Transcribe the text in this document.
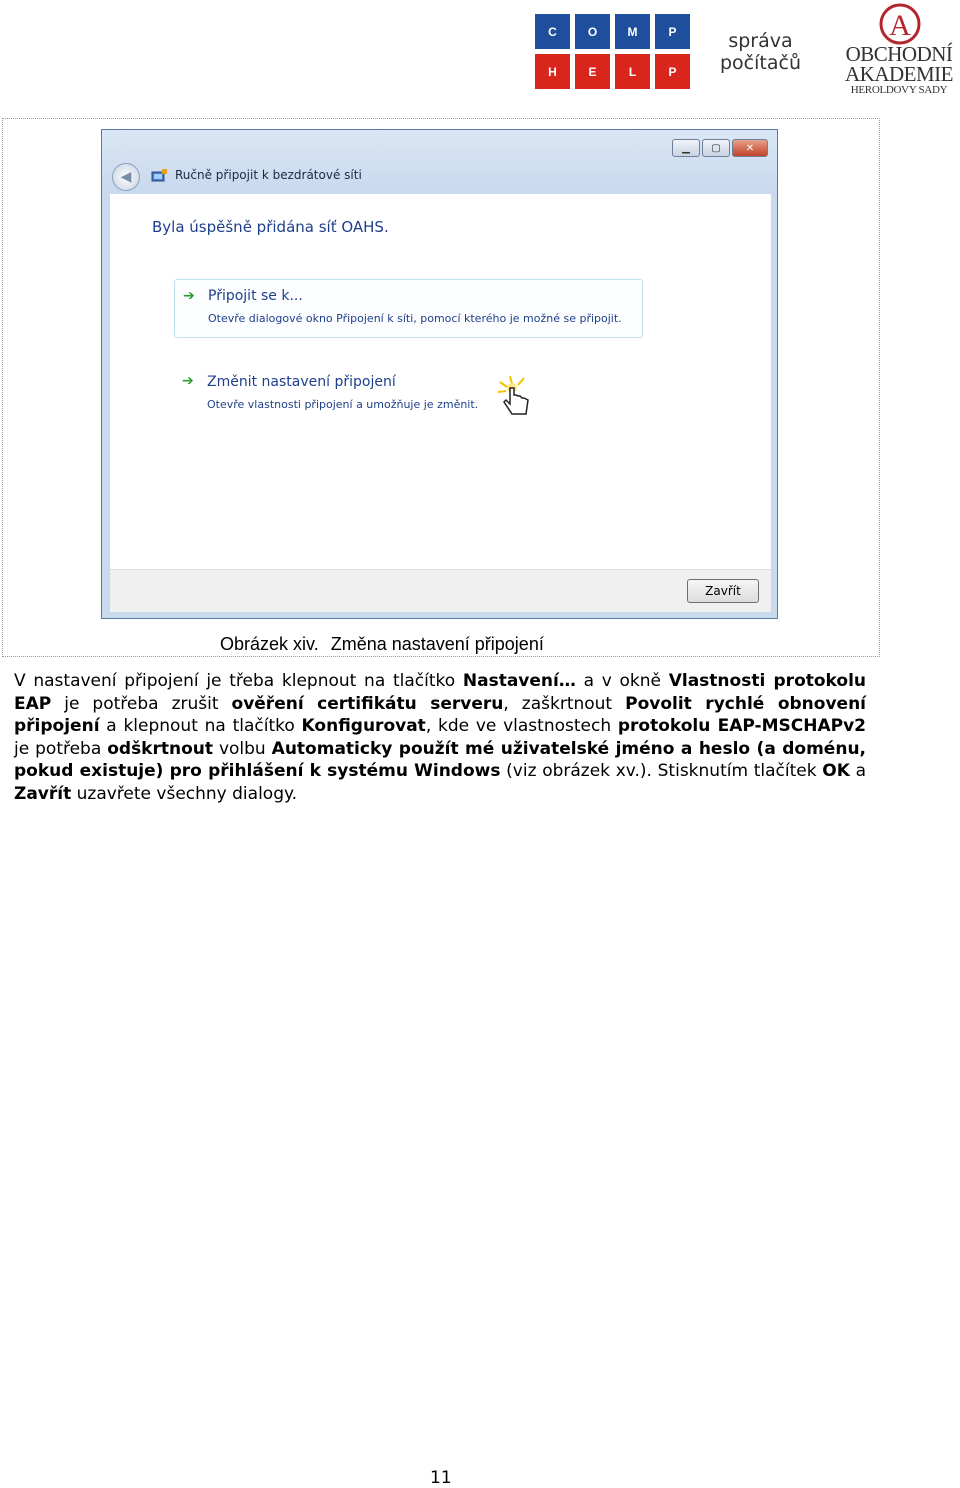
C	O	M	P
H	E	L	P
správa
počítačů
A
OBCHODNÍ
AKADEMIE
HEROLDOVY SADY
▁	▢	✕
◀	Ručně připojit k bezdrátové síti
Byla úspěšně přidána síť OAHS.
➔ Připojit se k...
Otevře dialogové okno Připojení k síti, pomocí kterého je možné se připojit.
➔ Změnit nastavení připojení
Otevře vlastnosti připojení a umožňuje je změnit.
Zavřít
Obrázek xiv. Změna nastavení připojení
V nastavení připojení je třeba klepnout na tlačítko Nastavení… a v okně Vlastnosti protokolu EAP je potřeba zrušit ověření certifikátu serveru, zaškrtnout Povolit rychlé obnovení připojení a klepnout na tlačítko Konfigurovat, kde ve vlastnostech protokolu EAP-MSCHAPv2 je potřeba odškrtnout volbu Automaticky použít mé uživatelské jméno a heslo (a doménu, pokud existuje) pro přihlášení k systému Windows (viz obrázek xv.). Stisknutím tlačítek OK a Zavřít uzavřete všechny dialogy.
11
